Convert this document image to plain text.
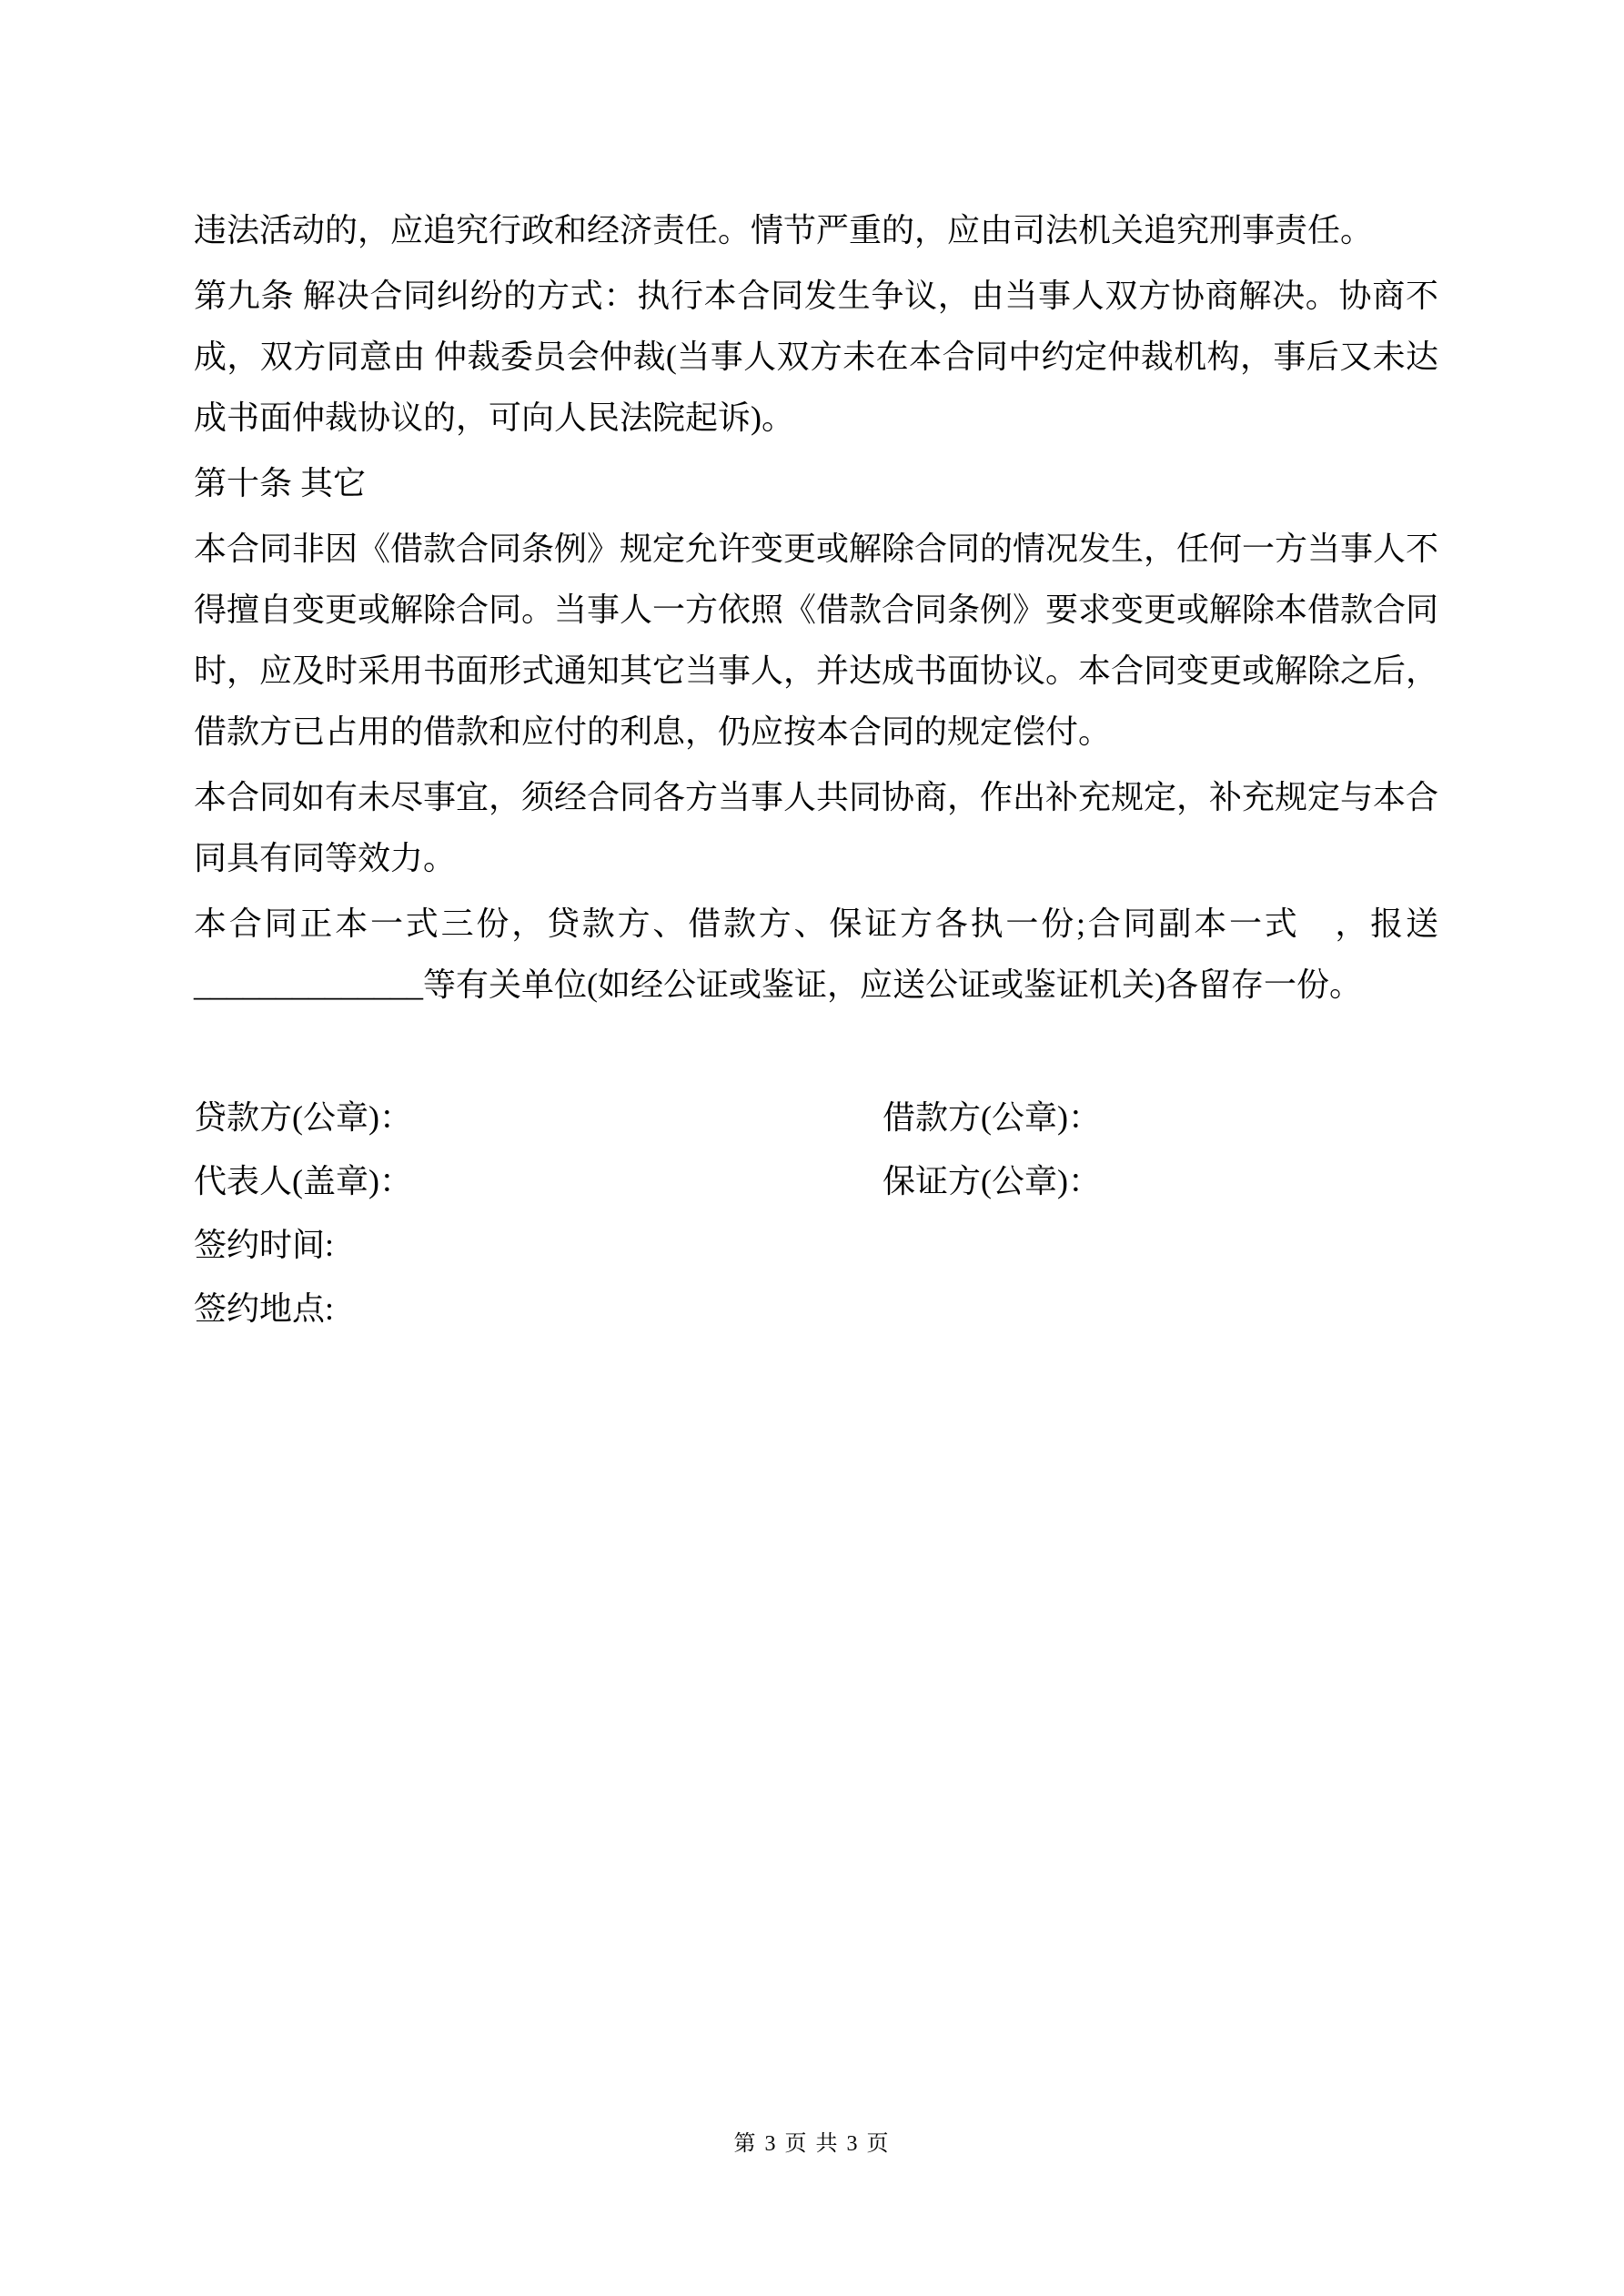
违法活动的，应追究行政和经济责任。情节严重的，应由司法机关追究刑事责任。

第九条 解决合同纠纷的方式：执行本合同发生争议，由当事人双方协商解决。协商不成，双方同意由 仲裁委员会仲裁(当事人双方未在本合同中约定仲裁机构，事后又未达成书面仲裁协议的，可向人民法院起诉)。

第十条 其它

本合同非因《借款合同条例》规定允许变更或解除合同的情况发生，任何一方当事人不得擅自变更或解除合同。当事人一方依照《借款合同条例》要求变更或解除本借款合同时，应及时采用书面形式通知其它当事人，并达成书面协议。本合同变更或解除之后，借款方已占用的借款和应付的利息，仍应按本合同的规定偿付。

本合同如有未尽事宜，须经合同各方当事人共同协商，作出补充规定，补充规定与本合同具有同等效力。

本合同正本一式三份，贷款方、借款方、保证方各执一份;合同副本一式　，报送______________等有关单位(如经公证或鉴证，应送公证或鉴证机关)各留存一份。

贷款方(公章)：	借款方(公章)：
代表人(盖章)：	保证方(公章)：
签约时间:
签约地点:
第 3 页 共 3 页
